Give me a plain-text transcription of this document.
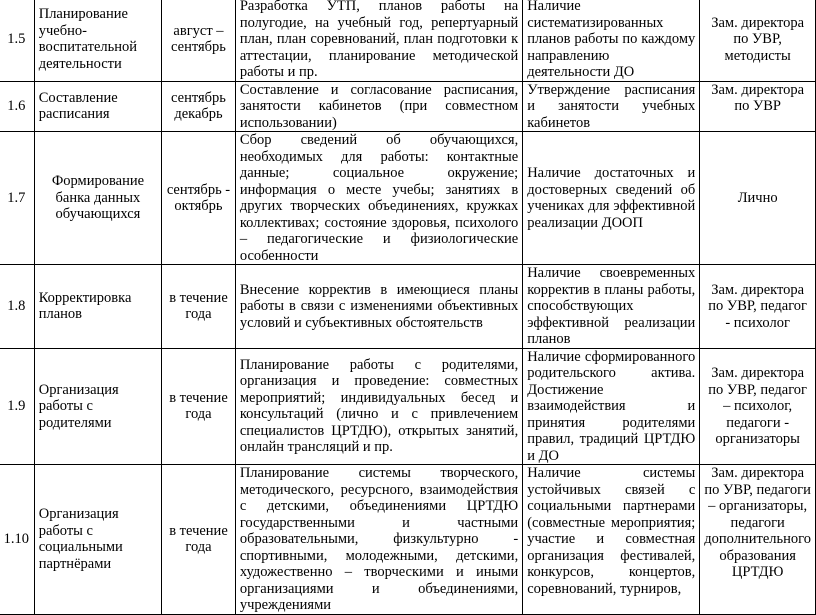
1.5	Планирование учебно-воспитательной деятельности	август – сентябрь	Разработка УТП, планов работы на полугодие, на учебный год, репертуарный план, план соревнований, план подготовки к аттестации, планирование методической работы и пр.	Наличие систематизированных планов работы по каждому направлению деятельности ДО	Зам. директора по УВР, методисты
1.6	Составление расписания	сентябрь декабрь	Составление и согласование расписания, занятости кабинетов (при совместном использовании)	Утверждение расписания и занятости учебных кабинетов	Зам. директора по УВР
1.7	Формирование банка данных обучающихся	сентябрь - октябрь	Сбор сведений об обучающихся, необходимых для работы: контактные данные; социальное окружение; информация о месте учебы; занятиях в других творческих объединениях, кружках коллективах; состояние здоровья, психолого – педагогические и физиологические особенности	Наличие достаточных и достоверных сведений об учениках для эффективной реализации ДООП	Лично
1.8	Корректировка планов	в течение года	Внесение корректив в имеющиеся планы работы в связи с изменениями объективных условий и субъективных обстоятельств	Наличие своевременных корректив в планы работы, способствующих эффективной реализации планов	Зам. директора по УВР, педагог - психолог
1.9	Организация работы с родителями	в течение года	Планирование работы с родителями, организация и проведение: совместных мероприятий; индивидуальных бесед и консультаций (лично и с привлечением специалистов ЦРТДЮ), открытых занятий, онлайн трансляций и пр.	Наличие сформированного родительского актива. Достижение взаимодействия и принятия родителями правил, традиций ЦРТДЮ и ДО	Зам. директора по УВР, педагог – психолог, педагоги - организаторы
1.10	Организация работы с социальными партнёрами	в течение года	Планирование системы творческого, методического, ресурсного, взаимодействия с детскими, объединениями ЦРТДЮ государственными и частными образовательными, физкультурно - спортивными, молодежными, детскими, художественно – творческими и иными организациями и объединениями, учреждениями	Наличие системы устойчивых связей с социальными партнерами (совместные мероприятия; участие и совместная организация фестивалей, конкурсов, концертов, соревнований, турниров,	Зам. директора по УВР, педагоги – организаторы, педагоги дополнительного образования ЦРТДЮ
